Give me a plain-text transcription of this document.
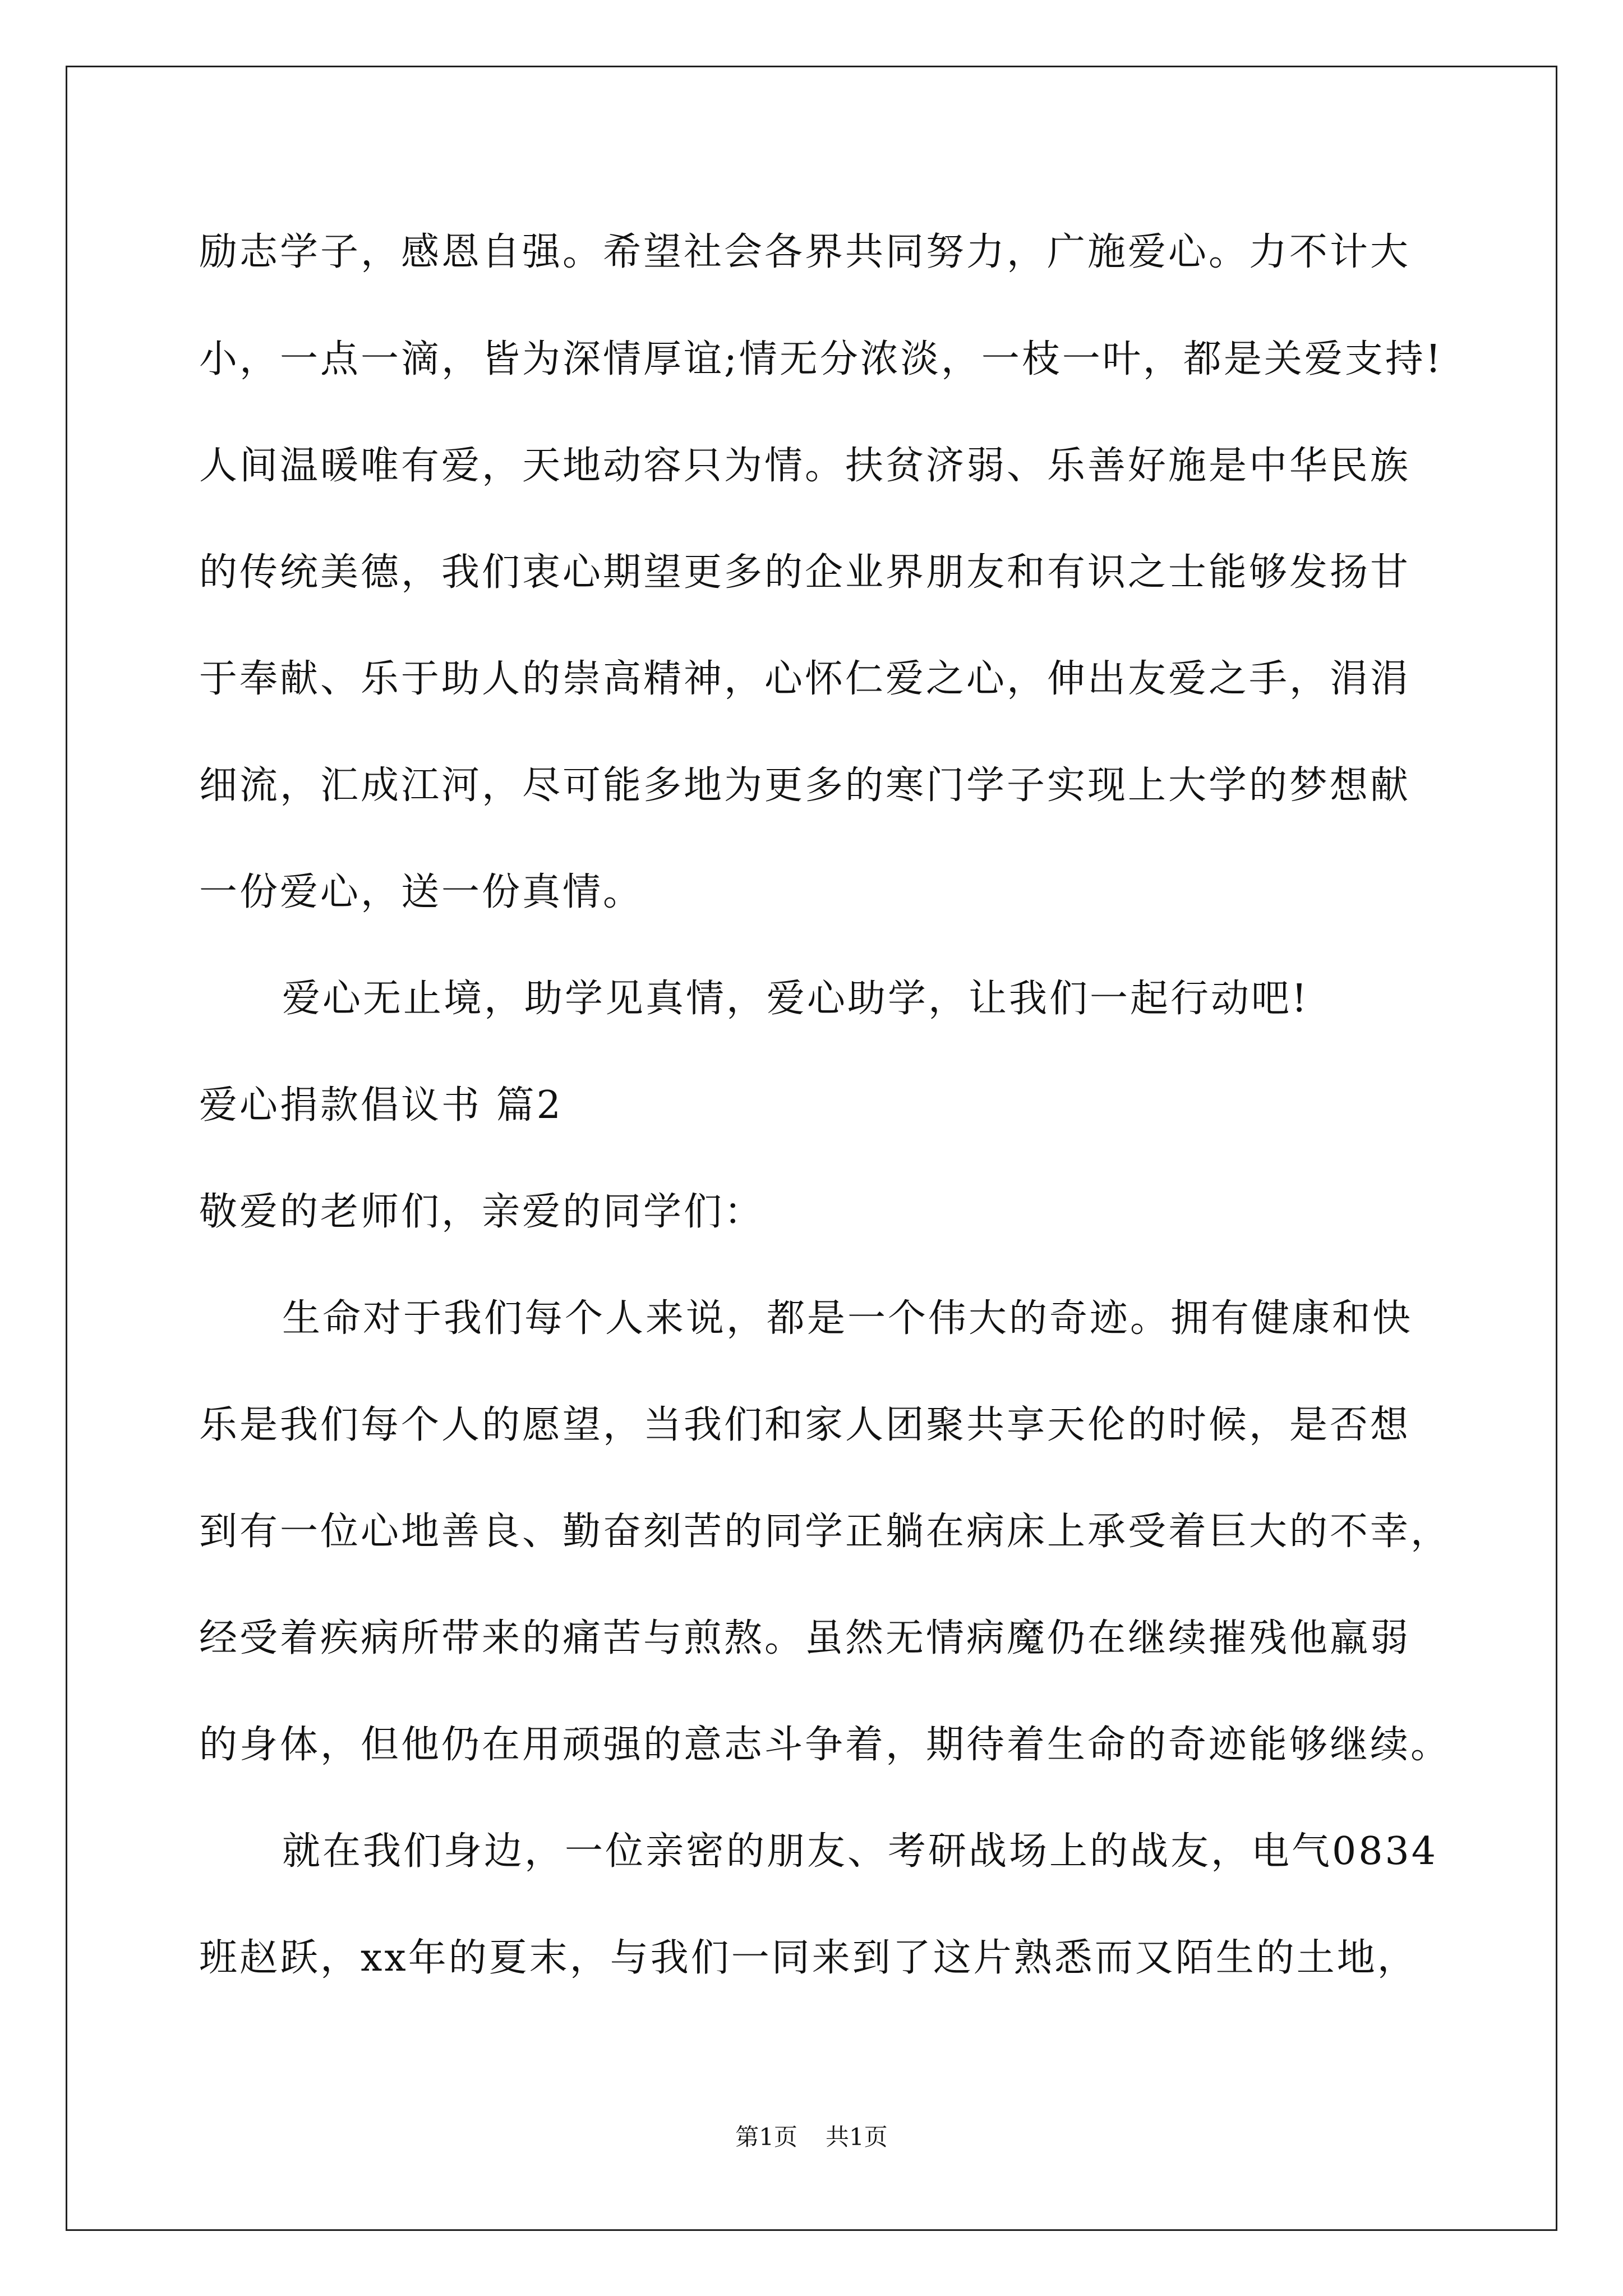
励志学子，感恩自强。希望社会各界共同努力，广施爱心。力不计大
小，一点一滴，皆为深情厚谊;情无分浓淡，一枝一叶，都是关爱支持!
人间温暖唯有爱，天地动容只为情。扶贫济弱、乐善好施是中华民族
的传统美德，我们衷心期望更多的企业界朋友和有识之士能够发扬甘
于奉献、乐于助人的崇高精神，心怀仁爱之心，伸出友爱之手，涓涓
细流，汇成江河，尽可能多地为更多的寒门学子实现上大学的梦想献
一份爱心，送一份真情。
爱心无止境，助学见真情，爱心助学，让我们一起行动吧!
爱心捐款倡议书 篇2
敬爱的老师们，亲爱的同学们：
生命对于我们每个人来说，都是一个伟大的奇迹。拥有健康和快
乐是我们每个人的愿望，当我们和家人团聚共享天伦的时候，是否想
到有一位心地善良、勤奋刻苦的同学正躺在病床上承受着巨大的不幸，
经受着疾病所带来的痛苦与煎熬。虽然无情病魔仍在继续摧残他羸弱
的身体，但他仍在用顽强的意志斗争着，期待着生命的奇迹能够继续。
就在我们身边，一位亲密的朋友、考研战场上的战友，电气0834
班赵跃，xx年的夏末，与我们一同来到了这片熟悉而又陌生的土地，
第1页 共1页
